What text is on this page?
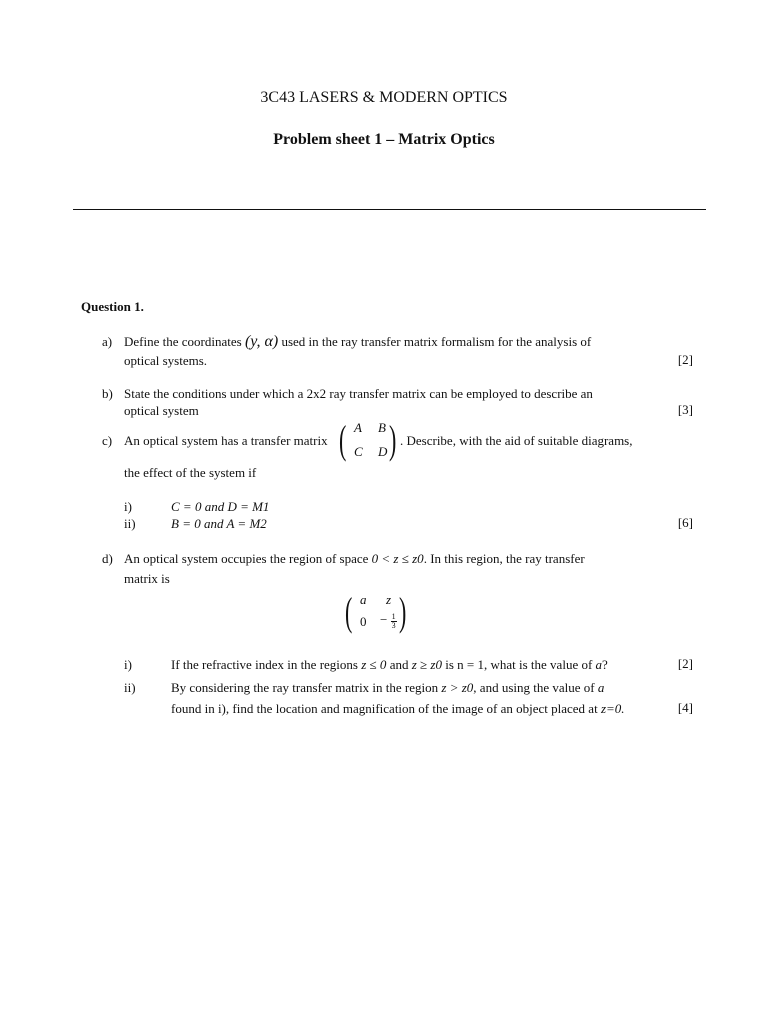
3C43 LASERS & MODERN OPTICS
Problem sheet 1 – Matrix Optics
Question 1.
a) Define the coordinates (y, α) used in the ray transfer matrix formalism for the analysis of
optical systems.	[2]
b) State the conditions under which a 2x2 ray transfer matrix can be employed to describe an
optical system	[3]
c) An optical system has a transfer matrix ( A B
C D ) . Describe, with the aid of suitable diagrams,
the effect of the system if
i)	C = 0 and D = M1
ii)	B = 0 and A = M2	[6]
d) An optical system occupies the region of space 0 < z ≤ z0. In this region, the ray transfer
matrix is
( a z
$0 - \frac{1}{3}$ )
i)	If the refractive index in the regions z ≤ 0 and z ≥ z0 is n = 1, what is the value of a?	[2]
ii)	By considering the ray transfer matrix in the region z > z0, and using the value of a
found in i), find the location and magnification of the image of an object placed at z=0.	[4]
